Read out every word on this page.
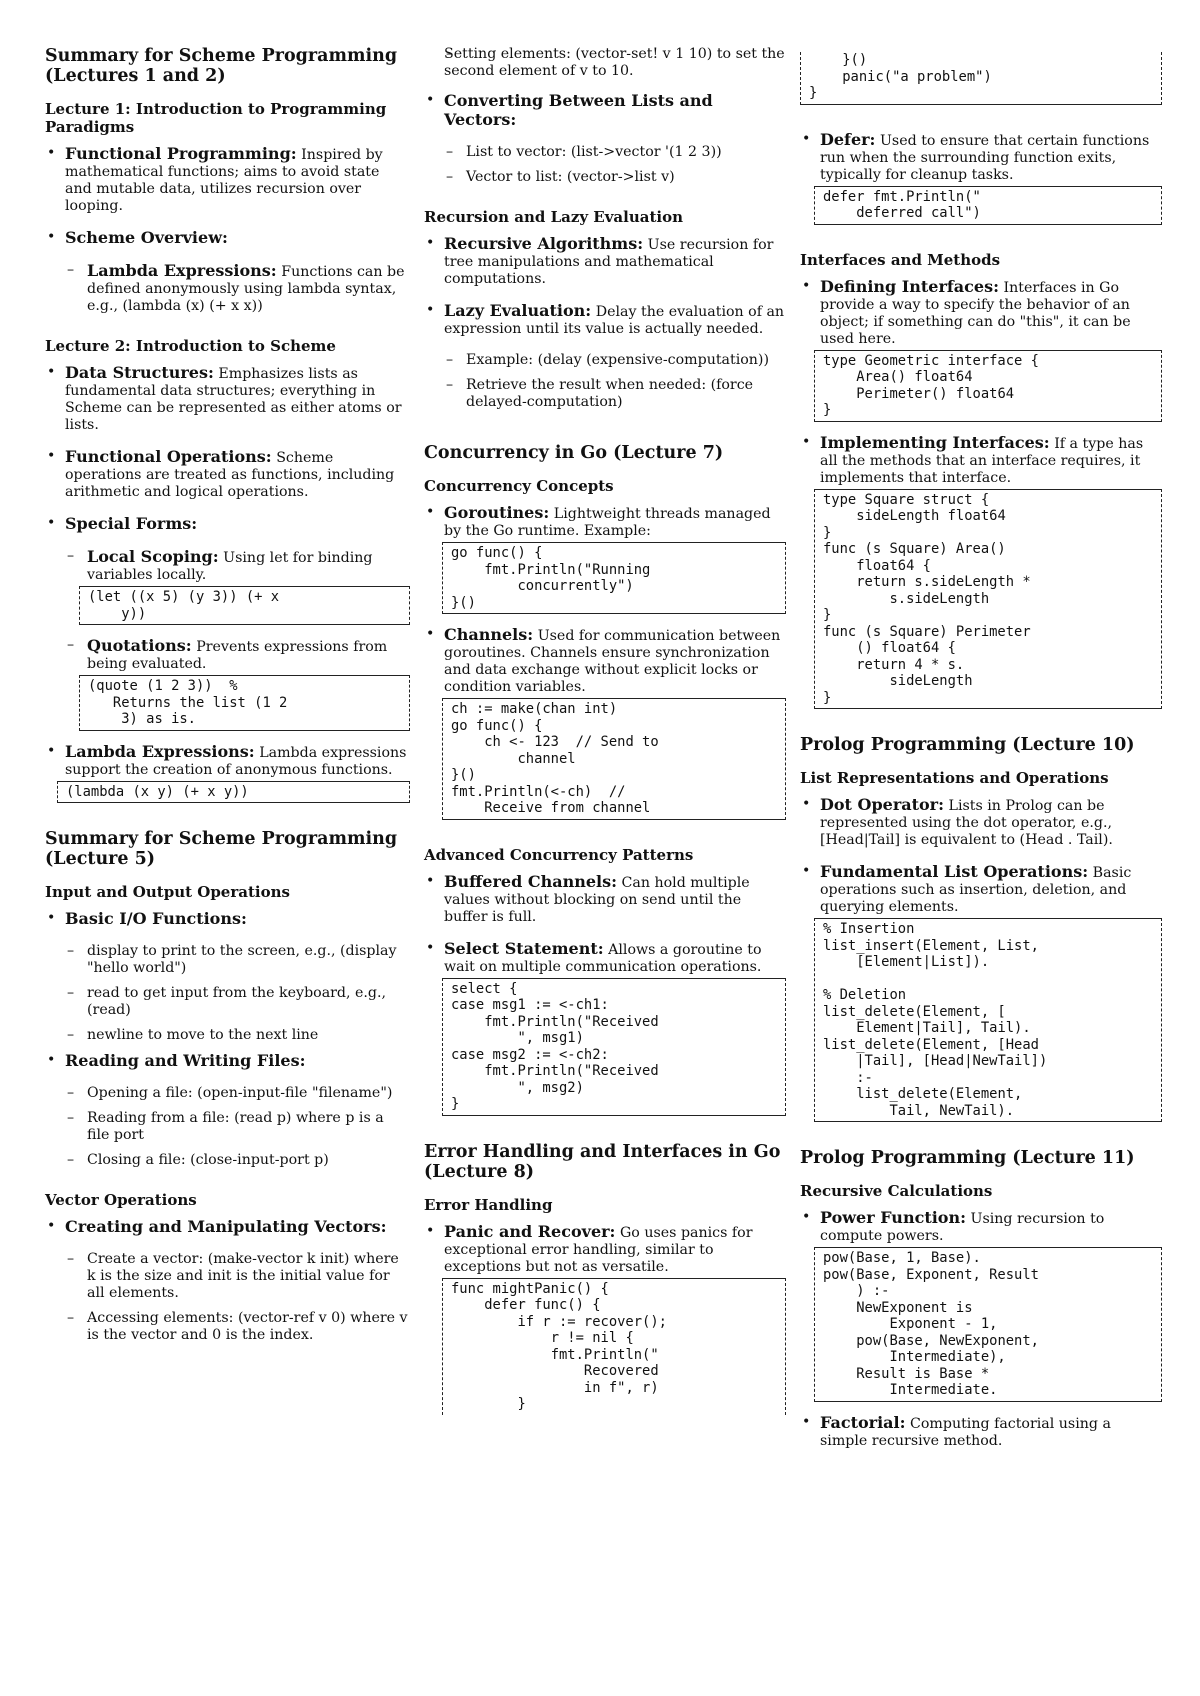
Summary for Scheme Programming (Lectures 1 and 2)
Lecture 1: Introduction to Programming Paradigms
• Functional Programming: Inspired by mathematical functions; aims to avoid state and mutable data, utilizes recursion over looping.
• Scheme Overview:
– Lambda Expressions: Functions can be defined anonymously using lambda syntax, e.g., (lambda (x) (+ x x))
Lecture 2: Introduction to Scheme
• Data Structures: Emphasizes lists as fundamental data structures; everything in Scheme can be represented as either atoms or lists.
• Functional Operations: Scheme operations are treated as functions, including arithmetic and logical operations.
• Special Forms:
– Local Scoping: Using let for binding variables locally.
(let ((x 5) (y 3)) (+ x
y))
– Quotations: Prevents expressions from being evaluated.
(quote (1 2 3))  %
Returns the list (1 2
3) as is.
• Lambda Expressions: Lambda expressions support the creation of anonymous functions.
(lambda (x y) (+ x y))
Summary for Scheme Programming (Lecture 5)
Input and Output Operations
• Basic I/O Functions:
– display to print to the screen, e.g., (display "hello world")
– read to get input from the keyboard, e.g., (read)
– newline to move to the next line
• Reading and Writing Files:
– Opening a file: (open-input-file "filename")
– Reading from a file: (read p) where p is a file port
– Closing a file: (close-input-port p)
Vector Operations
• Creating and Manipulating Vectors:
– Create a vector: (make-vector k init) where k is the size and init is the initial value for all elements.
– Accessing elements: (vector-ref v 0) where v is the vector and 0 is the index.
– Setting elements: (vector-set! v 1 10) to set the second element of v to 10.
• Converting Between Lists and Vectors:
– List to vector: (list->vector '(1 2 3))
– Vector to list: (vector->list v)
Recursion and Lazy Evaluation
• Recursive Algorithms: Use recursion for tree manipulations and mathematical computations.
• Lazy Evaluation: Delay the evaluation of an expression until its value is actually needed.
– Example: (delay (expensive-computation))
– Retrieve the result when needed: (force delayed-computation)
Concurrency in Go (Lecture 7)
Concurrency Concepts
• Goroutines: Lightweight threads managed by the Go runtime. Example:
go func() {
fmt.Println("Running
concurrently")
}()
• Channels: Used for communication between goroutines. Channels ensure synchronization and data exchange without explicit locks or condition variables.
ch := make(chan int)
go func() {
ch <- 123  // Send to
channel
}()
fmt.Println(<-ch)  //
Receive from channel
Advanced Concurrency Patterns
• Buffered Channels: Can hold multiple values without blocking on send until the buffer is full.
• Select Statement: Allows a goroutine to wait on multiple communication operations.
select {
case msg1 := <-ch1:
fmt.Println("Received
", msg1)
case msg2 := <-ch2:
fmt.Println("Received
", msg2)
}
Error Handling and Interfaces in Go (Lecture 8)
Error Handling
• Panic and Recover: Go uses panics for exceptional error handling, similar to exceptions but not as versatile.
func mightPanic() {
defer func() {
if r := recover();
r != nil {
fmt.Println("
Recovered
in f", r)
}
}()
panic("a problem")
}
• Defer: Used to ensure that certain functions run when the surrounding function exits, typically for cleanup tasks.
defer fmt.Println("
deferred call")
Interfaces and Methods
• Defining Interfaces: Interfaces in Go provide a way to specify the behavior of an object; if something can do "this", it can be used here.
type Geometric interface {
Area() float64
Perimeter() float64
}
• Implementing Interfaces: If a type has all the methods that an interface requires, it implements that interface.
type Square struct {
sideLength float64
}
func (s Square) Area()
float64 {
return s.sideLength *
s.sideLength
}
func (s Square) Perimeter
() float64 {
return 4 * s.
sideLength
}
Prolog Programming (Lecture 10)
List Representations and Operations
• Dot Operator: Lists in Prolog can be represented using the dot operator, e.g., [Head|Tail] is equivalent to (Head . Tail).
• Fundamental List Operations: Basic operations such as insertion, deletion, and querying elements.
% Insertion
list_insert(Element, List,
[Element|List]).

% Deletion
list_delete(Element, [
Element|Tail], Tail).
list_delete(Element, [Head
|Tail], [Head|NewTail])
:-
list_delete(Element,
Tail, NewTail).
Prolog Programming (Lecture 11)
Recursive Calculations
• Power Function: Using recursion to compute powers.
pow(Base, 1, Base).
pow(Base, Exponent, Result
) :-
NewExponent is
Exponent - 1,
pow(Base, NewExponent,
Intermediate),
Result is Base *
Intermediate.
• Factorial: Computing factorial using a simple recursive method.
